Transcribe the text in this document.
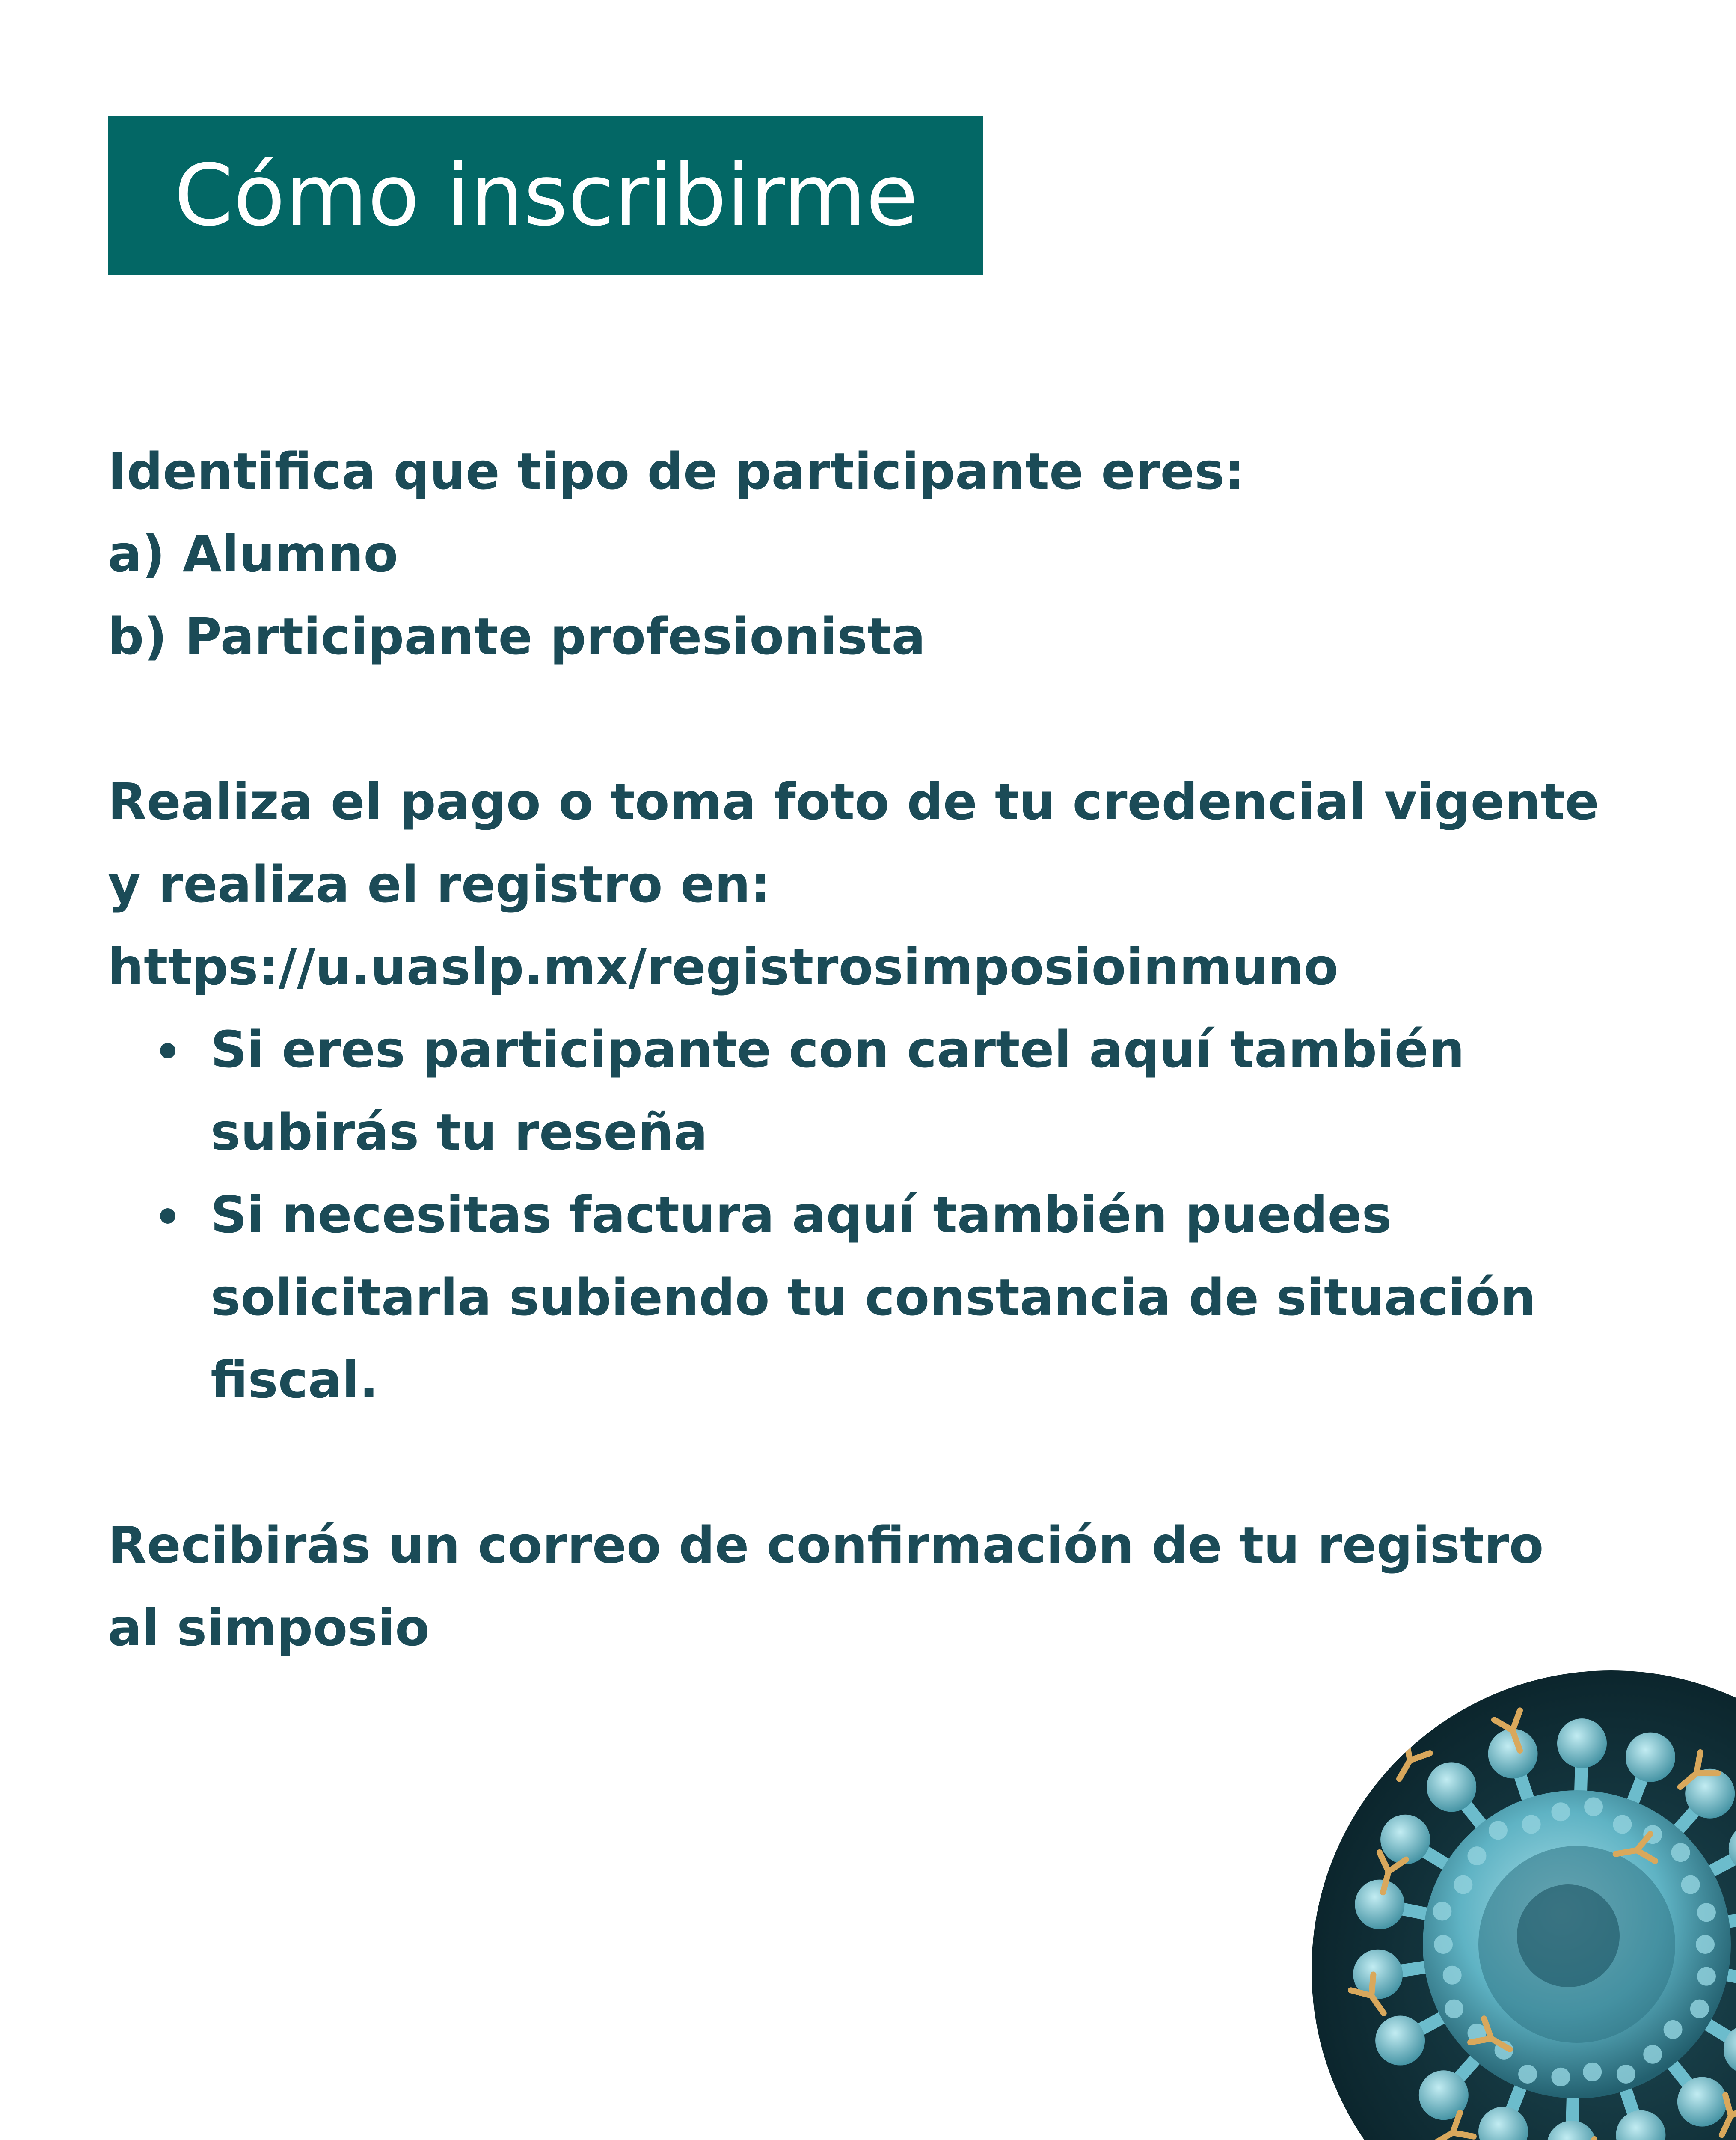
Cómo inscribirme
Identifica que tipo de participante eres:
a) Alumno
b) Participante profesionista
Realiza el pago o toma foto de tu credencial vigente
y realiza el registro en:
https://u.uaslp.mx/registrosimposioinmuno
Si eres participante con cartel aquí también
subirás tu reseña
Si necesitas factura aquí también puedes
solicitarla subiendo tu constancia de situación
fiscal.
Recibirás un correo de confirmación de tu registro
al simposio
